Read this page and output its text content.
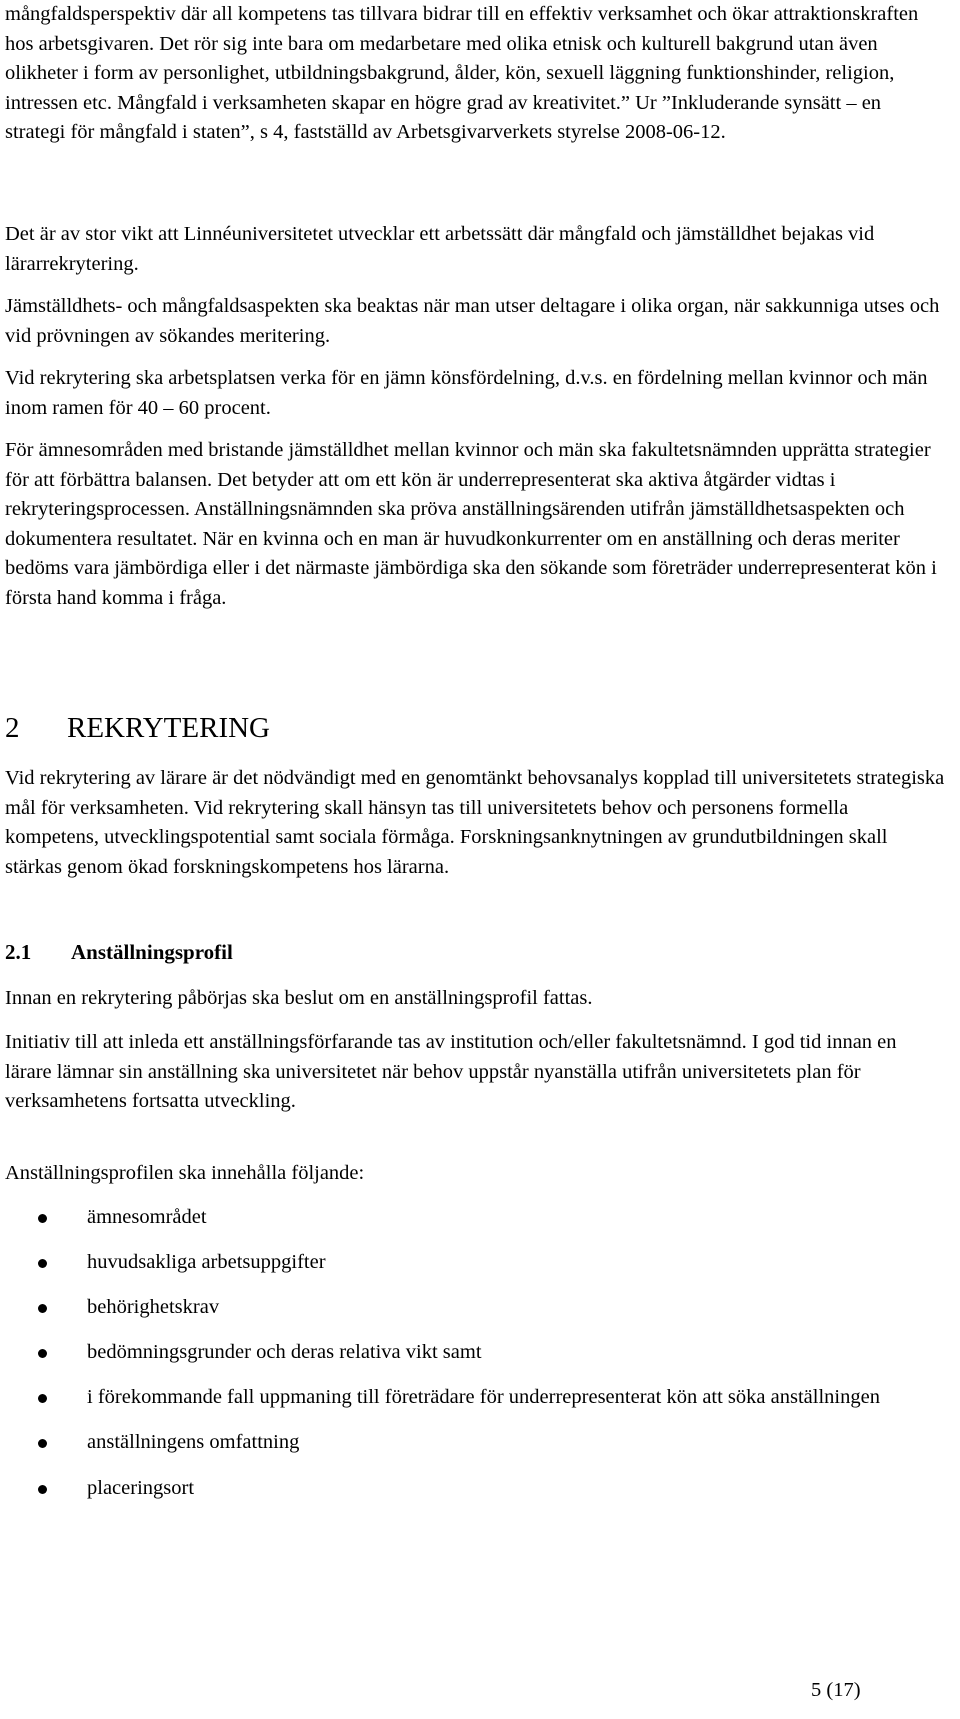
mångfaldsperspektiv där all kompetens tas tillvara bidrar till en effektiv verksamhet och ökar attraktionskraften hos arbetsgivaren. Det rör sig inte bara om medarbetare med olika etnisk och kulturell bakgrund utan även olikheter i form av personlighet, utbildningsbakgrund, ålder, kön, sexuell läggning funktionshinder, religion, intressen etc. Mångfald i verksamheten skapar en högre grad av kreativitet.” Ur ”Inkluderande synsätt – en strategi för mångfald i staten”, s 4, fastställd av Arbetsgivarverkets styrelse 2008-06-12.

Det är av stor vikt att Linnéuniversitetet utvecklar ett arbetssätt där mångfald och jämställdhet bejakas vid lärarrekrytering.

Jämställdhets- och mångfaldsaspekten ska beaktas när man utser deltagare i olika organ, när sakkunniga utses och vid prövningen av sökandes meritering.

Vid rekrytering ska arbetsplatsen verka för en jämn könsfördelning, d.v.s. en fördelning mellan kvinnor och män inom ramen för 40 – 60 procent.

För ämnesområden med bristande jämställdhet mellan kvinnor och män ska fakultetsnämnden upprätta strategier för att förbättra balansen. Det betyder att om ett kön är underrepresenterat ska aktiva åtgärder vidtas i rekryteringsprocessen. Anställningsnämnden ska pröva anställningsärenden utifrån jämställdhetsaspekten och dokumentera resultatet. När en kvinna och en man är huvudkonkurrenter om en anställning och deras meriter bedöms vara jämbördiga eller i det närmaste jämbördiga ska den sökande som företräder underrepresenterat kön i första hand komma i fråga.

2 REKRYTERING

Vid rekrytering av lärare är det nödvändigt med en genomtänkt behovsanalys kopplad till universitetets strategiska mål för verksamheten. Vid rekrytering skall hänsyn tas till universitetets behov och personens formella kompetens, utvecklingspotential samt sociala förmåga. Forskningsanknytningen av grundutbildningen skall stärkas genom ökad forskningskompetens hos lärarna.

2.1 Anställningsprofil

Innan en rekrytering påbörjas ska beslut om en anställningsprofil fattas.

Initiativ till att inleda ett anställningsförfarande tas av institution och/eller fakultetsnämnd. I god tid innan en lärare lämnar sin anställning ska universitetet när behov uppstår nyanställa utifrån universitetets plan för verksamhetens fortsatta utveckling.

Anställningsprofilen ska innehålla följande:

ämnesområdet
huvudsakliga arbetsuppgifter
behörighetskrav
bedömningsgrunder och deras relativa vikt samt
i förekommande fall uppmaning till företrädare för underrepresenterat kön att söka anställningen
anställningens omfattning
placeringsort
5 (17)
